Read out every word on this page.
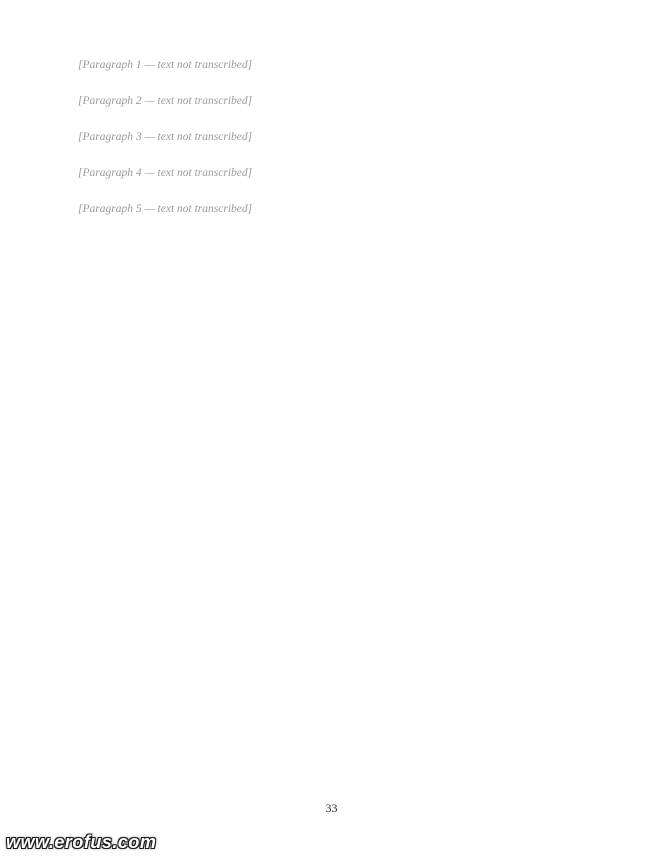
[Paragraph 1 — text not transcribed]

[Paragraph 2 — text not transcribed]

[Paragraph 3 — text not transcribed]

[Paragraph 4 — text not transcribed]

[Paragraph 5 — text not transcribed]

33
www.erofus.com
